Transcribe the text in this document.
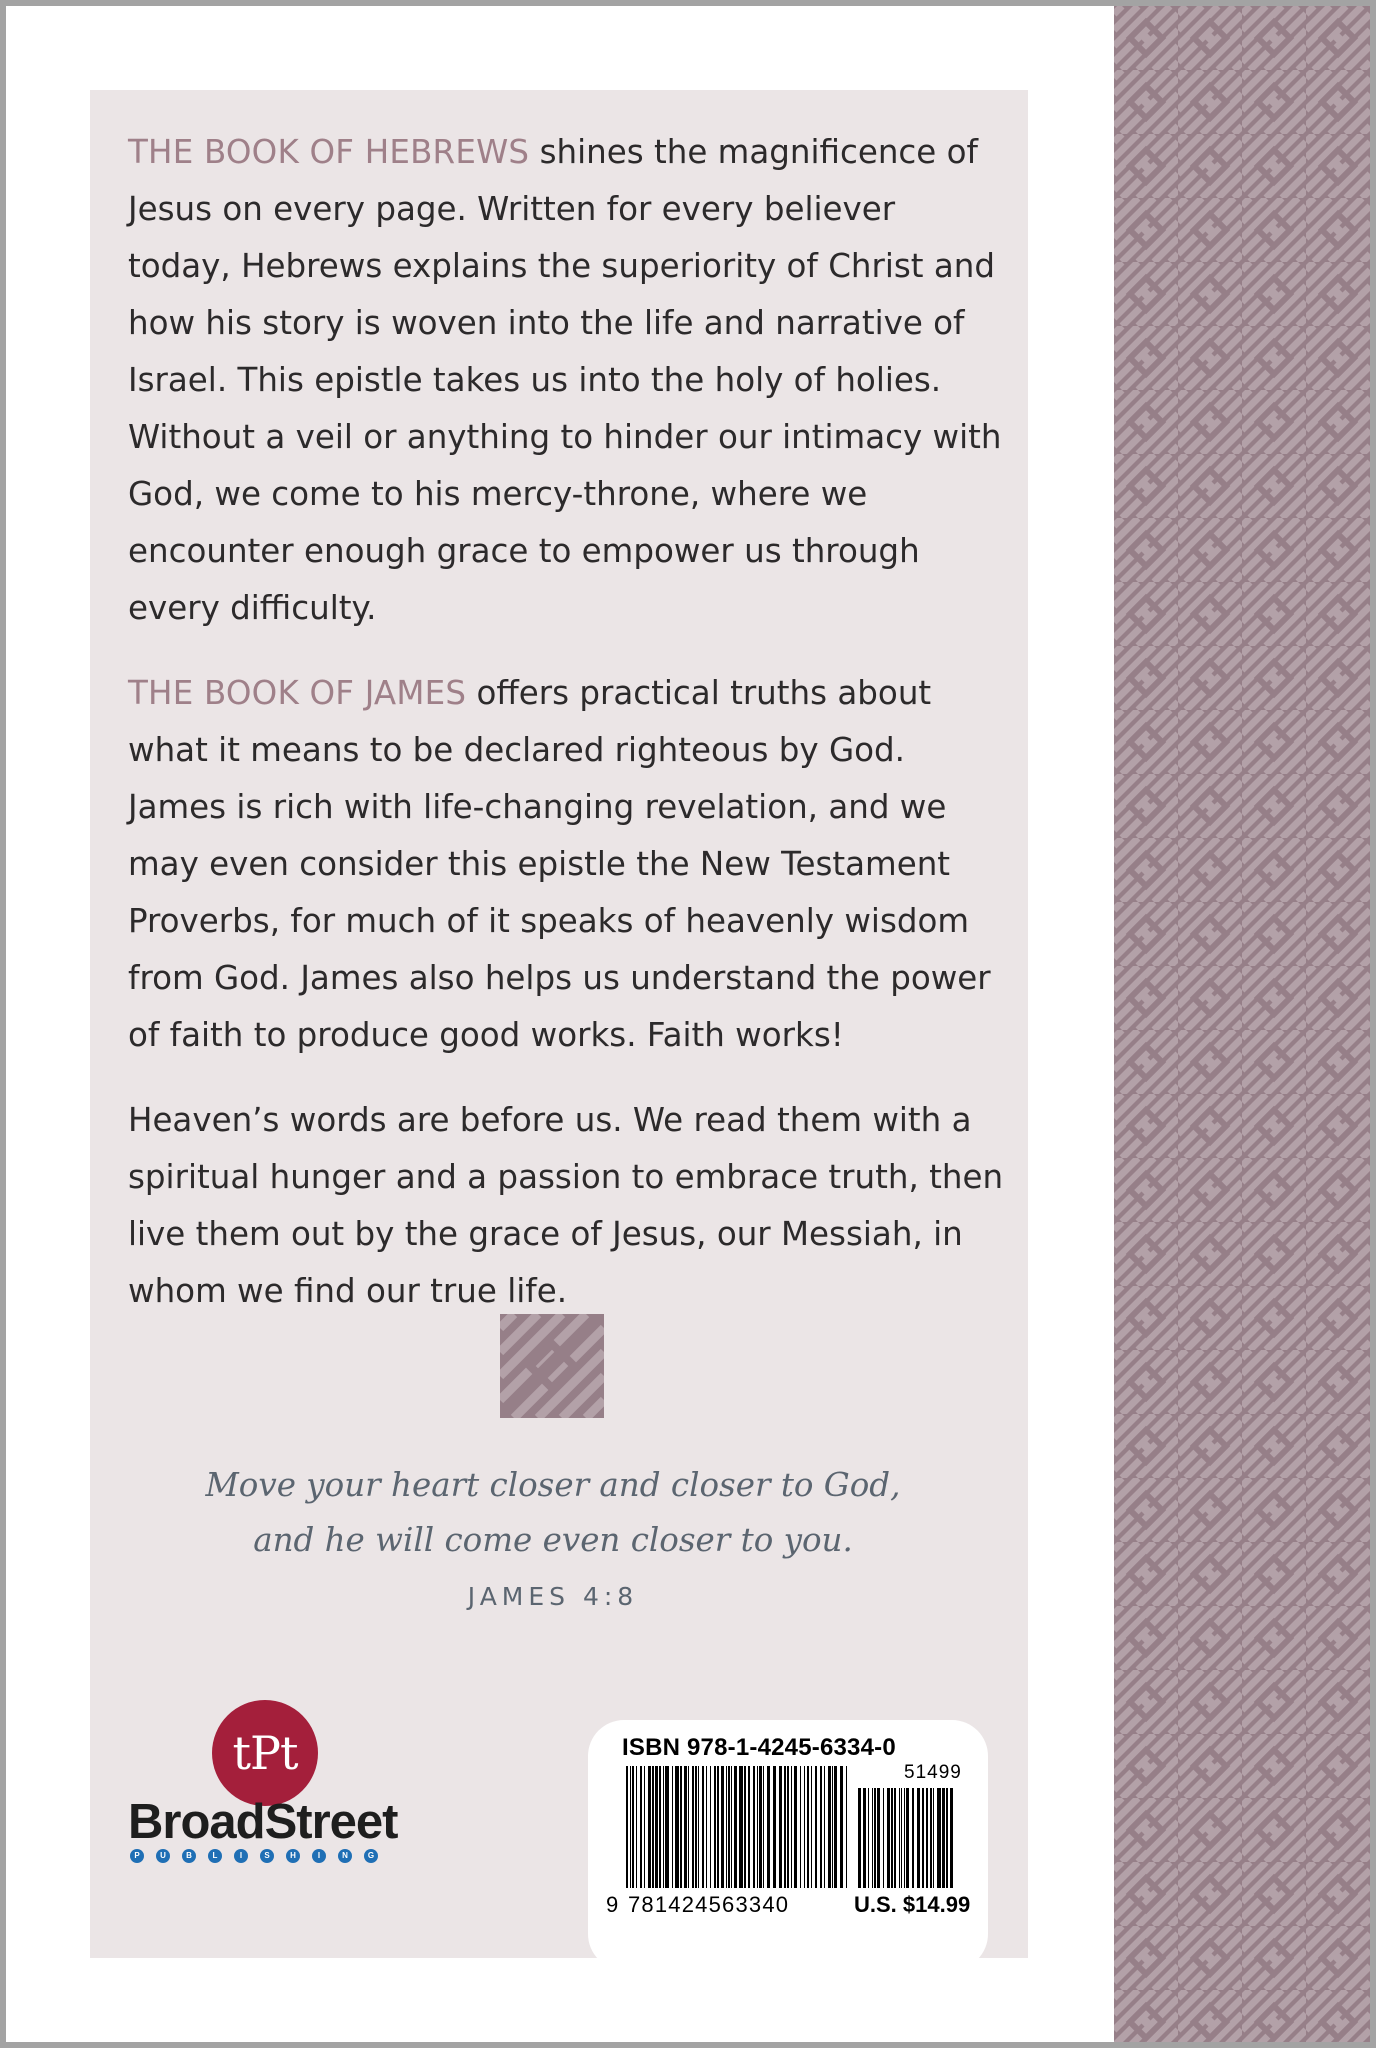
THE BOOK OF HEBREWS shines the magnificence of Jesus on every page. Written for every believer today, Hebrews explains the superiority of Christ and how his story is woven into the life and narrative of Israel. This epistle takes us into the holy of holies. Without a veil or anything to hinder our intimacy with God, we come to his mercy-throne, where we encounter enough grace to empower us through every difficulty.

THE BOOK OF JAMES offers practical truths about what it means to be declared righteous by God. James is rich with life-changing revelation, and we may even consider this epistle the New Testament Proverbs, for much of it speaks of heavenly wisdom from God. James also helps us understand the power of faith to produce good works. Faith works!

Heaven’s words are before us. We read them with a spiritual hunger and a passion to embrace truth, then live them out by the grace of Jesus, our Messiah, in whom we find our true life.

Move your heart closer and closer to God,
and he will come even closer to you.
JAMES 4:8
tPt
BroadStreet
P	U	B	L	I	S	H	I	N	G
ISBN 978-1-4245-6334-0
51499
9 781424563340	U.S. $14.99
